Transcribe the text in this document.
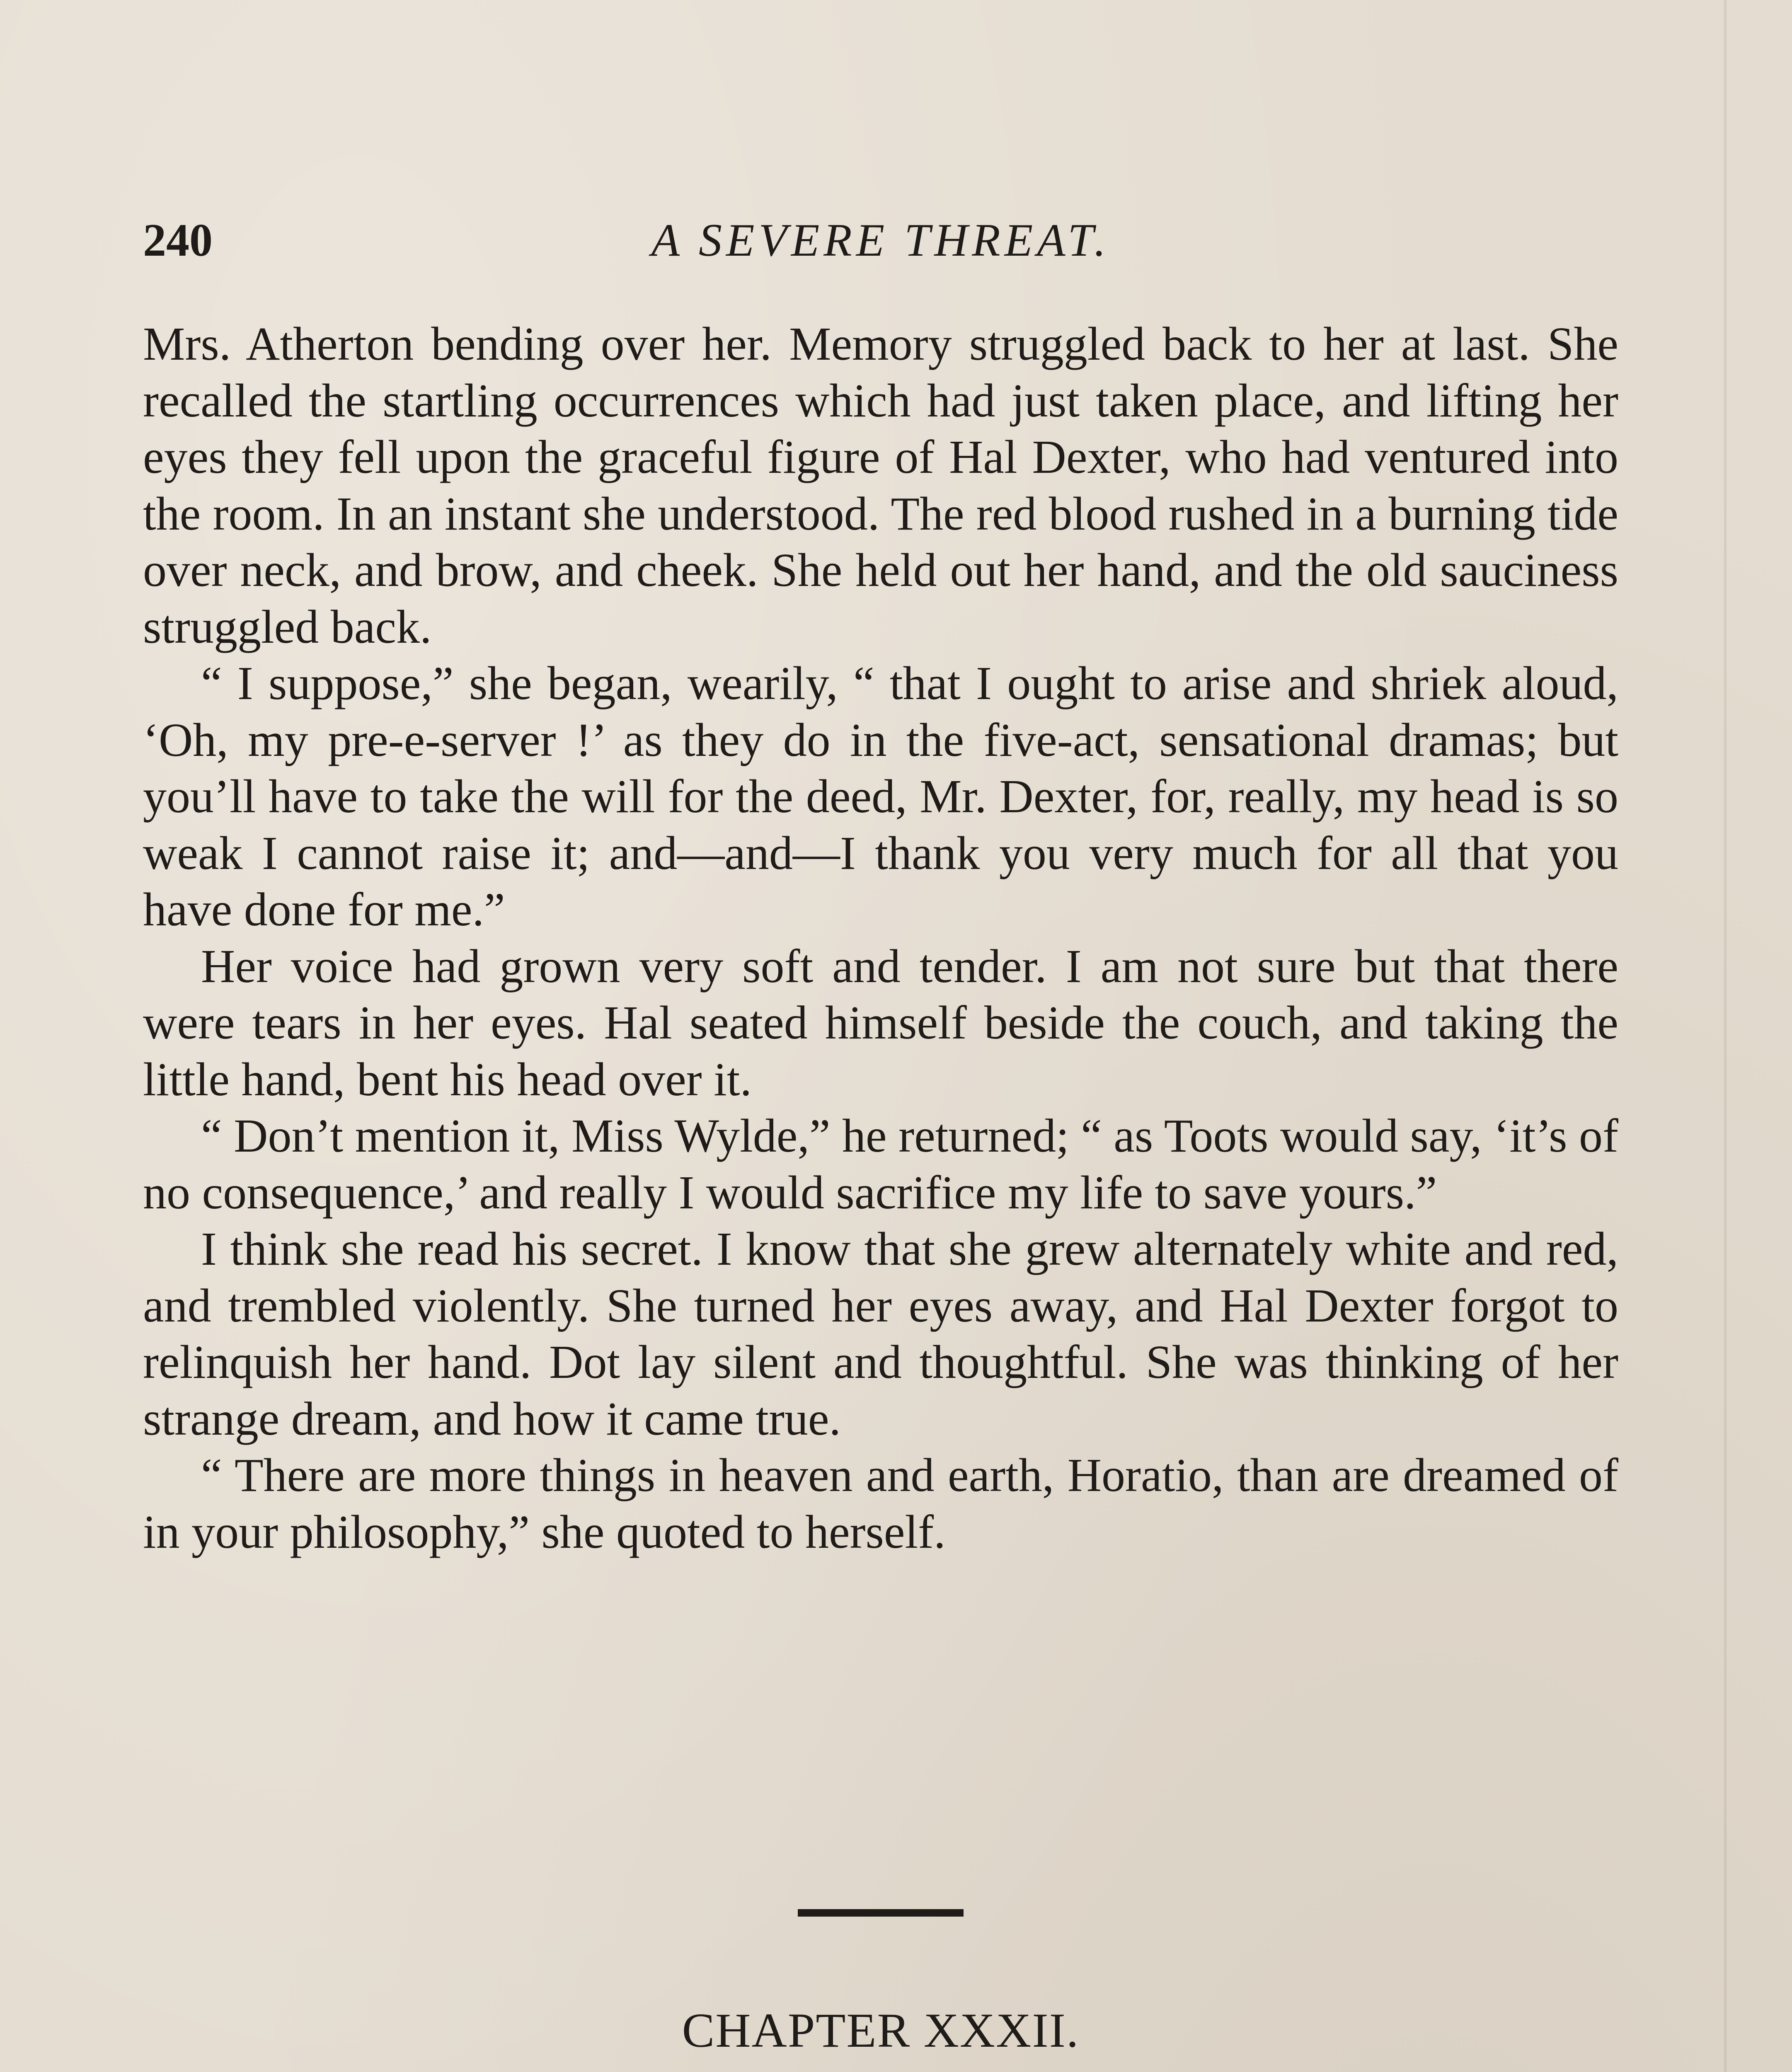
240	A SEVERE THREAT.

Mrs. Atherton bending over her. Memory struggled back to her at last. She recalled the startling occurrences which had just taken place, and lifting her eyes they fell upon the graceful figure of Hal Dexter, who had ventured into the room. In an instant she understood. The red blood rushed in a burning tide over neck, and brow, and cheek. She held out her hand, and the old sauciness struggled back.

“ I suppose,” she began, wearily, “ that I ought to arise and shriek aloud, ‘Oh, my pre-e-server !’ as they do in the five-act, sensational dramas; but you’ll have to take the will for the deed, Mr. Dexter, for, really, my head is so weak I cannot raise it; and—and—I thank you very much for all that you have done for me.”

Her voice had grown very soft and tender. I am not sure but that there were tears in her eyes. Hal seated himself beside the couch, and taking the little hand, bent his head over it.

“ Don’t mention it, Miss Wylde,” he returned; “ as Toots would say, ‘it’s of no consequence,’ and really I would sacrifice my life to save yours.”

I think she read his secret. I know that she grew alternately white and red, and trembled violently. She turned her eyes away, and Hal Dexter forgot to relinquish her hand. Dot lay silent and thoughtful. She was thinking of her strange dream, and how it came true.

“ There are more things in heaven and earth, Horatio, than are dreamed of in your philosophy,” she quoted to herself.

CHAPTER XXXII.
